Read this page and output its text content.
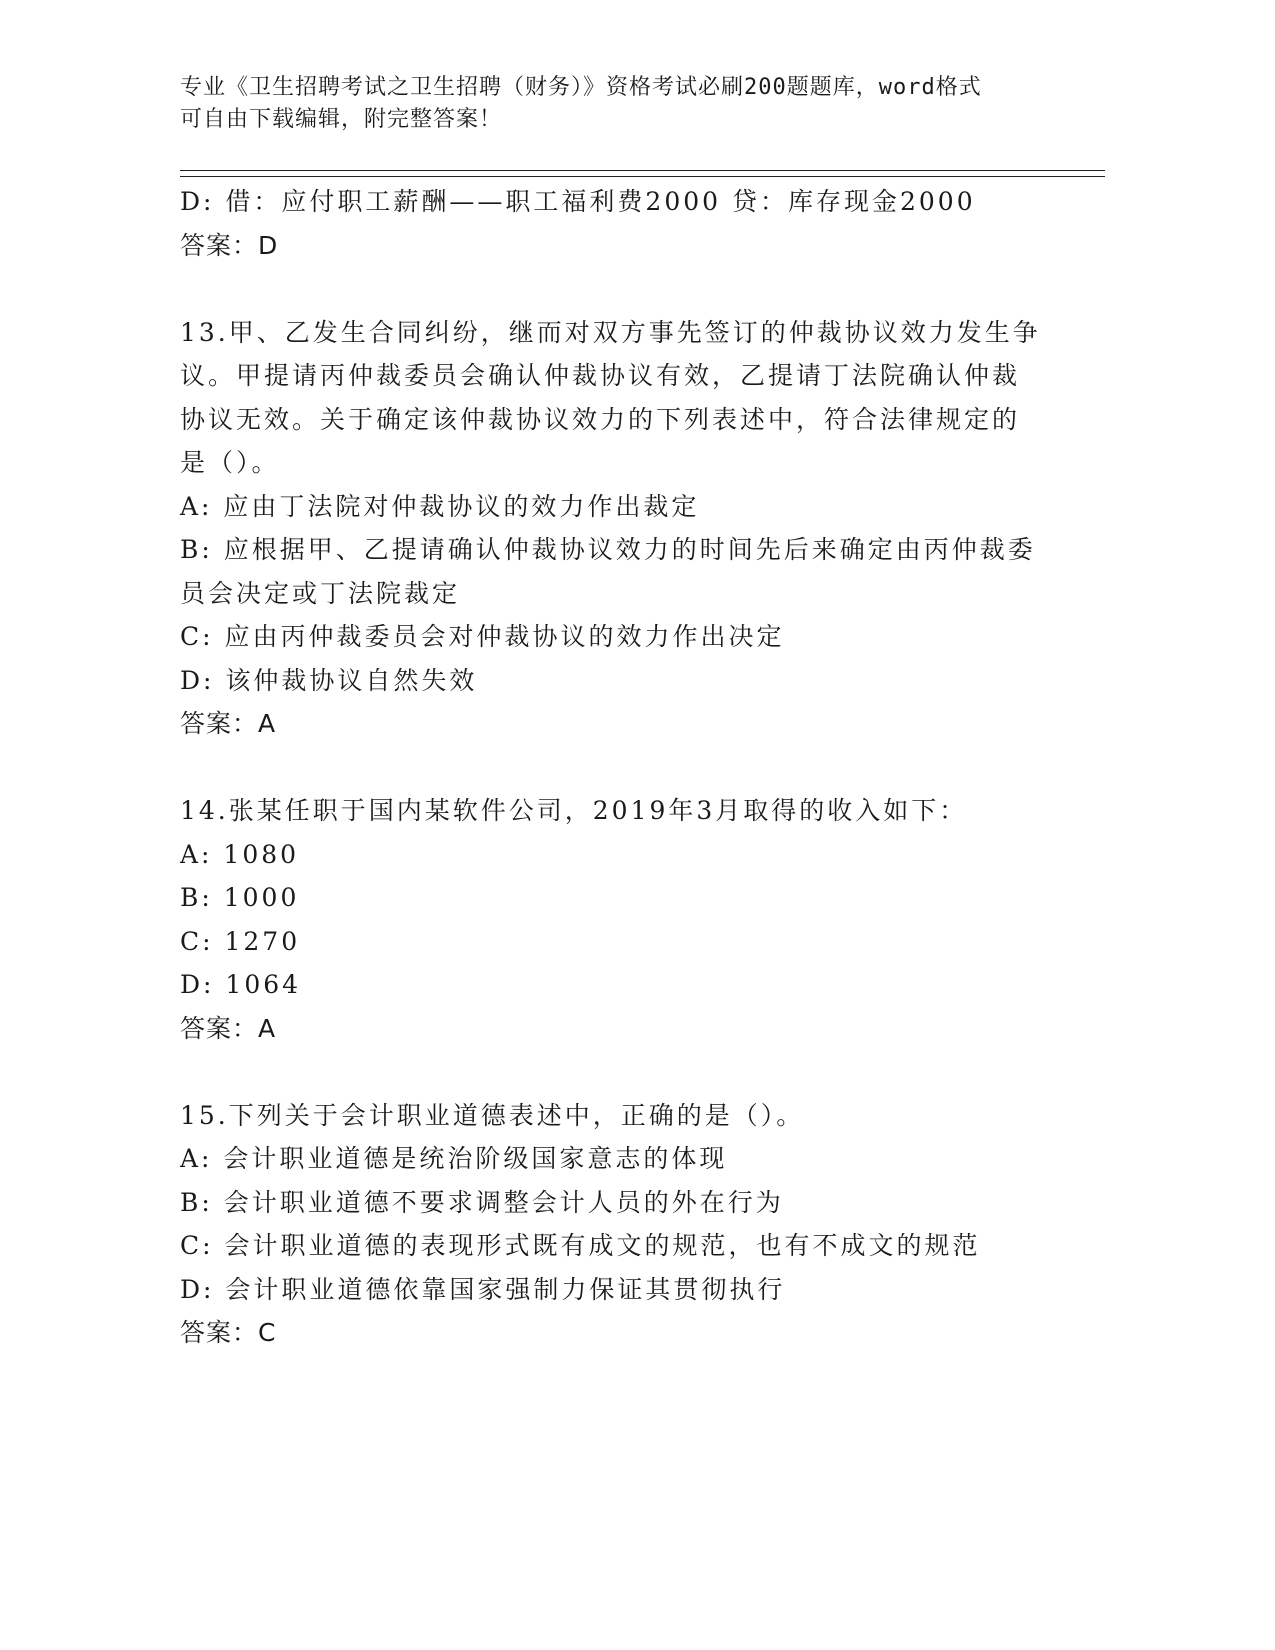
专业《卫生招聘考试之卫生招聘（财务）》资格考试必刷200题题库，word格式
可自由下载编辑，附完整答案！
D: 借：应付职工薪酬——职工福利费2000 贷：库存现金2000
答案：D
13.甲、乙发生合同纠纷，继而对双方事先签订的仲裁协议效力发生争
议。甲提请丙仲裁委员会确认仲裁协议有效，乙提请丁法院确认仲裁
协议无效。关于确定该仲裁协议效力的下列表述中，符合法律规定的
是（）。
A: 应由丁法院对仲裁协议的效力作出裁定
B: 应根据甲、乙提请确认仲裁协议效力的时间先后来确定由丙仲裁委
员会决定或丁法院裁定
C: 应由丙仲裁委员会对仲裁协议的效力作出决定
D: 该仲裁协议自然失效
答案：A
14.张某任职于国内某软件公司，2019年3月取得的收入如下：
A: 1080
B: 1000
C: 1270
D: 1064
答案：A
15.下列关于会计职业道德表述中，正确的是（）。
A: 会计职业道德是统治阶级国家意志的体现
B: 会计职业道德不要求调整会计人员的外在行为
C: 会计职业道德的表现形式既有成文的规范，也有不成文的规范
D: 会计职业道德依靠国家强制力保证其贯彻执行
答案：C
